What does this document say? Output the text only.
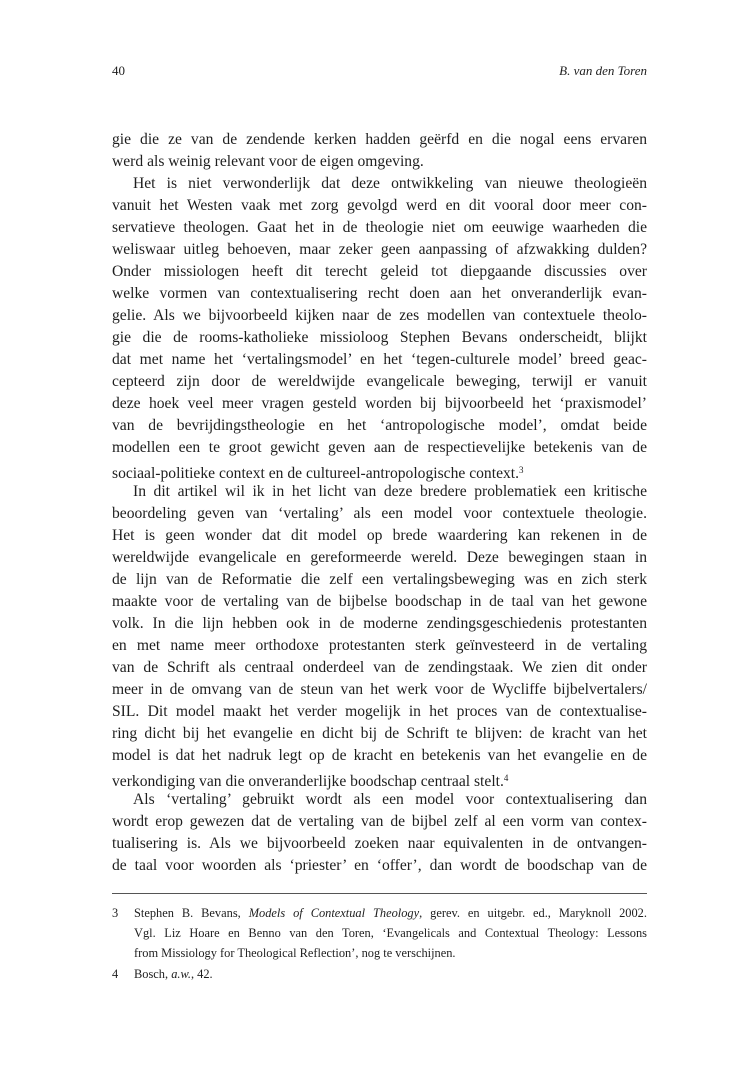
40	B. van den Toren
gie die ze van de zendende kerken hadden geërfd en die nogal eens ervaren
werd als weinig relevant voor de eigen omgeving.
Het is niet verwonderlijk dat deze ontwikkeling van nieuwe theologieën
vanuit het Westen vaak met zorg gevolgd werd en dit vooral door meer con-
servatieve theologen. Gaat het in de theologie niet om eeuwige waarheden die
weliswaar uitleg behoeven, maar zeker geen aanpassing of afzwakking dulden?
Onder missiologen heeft dit terecht geleid tot diepgaande discussies over
welke vormen van contextualisering recht doen aan het onveranderlijk evan-
gelie. Als we bijvoorbeeld kijken naar de zes modellen van contextuele theolo-
gie die de rooms-katholieke missioloog Stephen Bevans onderscheidt, blijkt
dat met name het ‘vertalingsmodel’ en het ‘tegen-culturele model’ breed geac-
cepteerd zijn door de wereldwijde evangelicale beweging, terwijl er vanuit
deze hoek veel meer vragen gesteld worden bij bijvoorbeeld het ‘praxismodel’
van de bevrijdingstheologie en het ‘antropologische model’, omdat beide
modellen een te groot gewicht geven aan de respectievelijke betekenis van de
sociaal-politieke context en de cultureel-antropologische context.$^3$
In dit artikel wil ik in het licht van deze bredere problematiek een kritische
beoordeling geven van ‘vertaling’ als een model voor contextuele theologie.
Het is geen wonder dat dit model op brede waardering kan rekenen in de
wereldwijde evangelicale en gereformeerde wereld. Deze bewegingen staan in
de lijn van de Reformatie die zelf een vertalingsbeweging was en zich sterk
maakte voor de vertaling van de bijbelse boodschap in de taal van het gewone
volk. In die lijn hebben ook in de moderne zendingsgeschiedenis protestanten
en met name meer orthodoxe protestanten sterk geïnvesteerd in de vertaling
van de Schrift als centraal onderdeel van de zendingstaak. We zien dit onder
meer in de omvang van de steun van het werk voor de Wycliffe bijbelvertalers/
SIL. Dit model maakt het verder mogelijk in het proces van de contextualise-
ring dicht bij het evangelie en dicht bij de Schrift te blijven: de kracht van het
model is dat het nadruk legt op de kracht en betekenis van het evangelie en de
verkondiging van die onveranderlijke boodschap centraal stelt.$^4$
Als ‘vertaling’ gebruikt wordt als een model voor contextualisering dan
wordt erop gewezen dat de vertaling van de bijbel zelf al een vorm van contex-
tualisering is. Als we bijvoorbeeld zoeken naar equivalenten in de ontvangen-
de taal voor woorden als ‘priester’ en ‘offer’, dan wordt de boodschap van de
3 Stephen B. Bevans, Models of Contextual Theology, gerev. en uitgebr. ed., Maryknoll 2002.
Vgl. Liz Hoare en Benno van den Toren, ‘Evangelicals and Contextual Theology: Lessons
from Missiology for Theological Reflection’, nog te verschijnen.
4 Bosch, a.w., 42.
